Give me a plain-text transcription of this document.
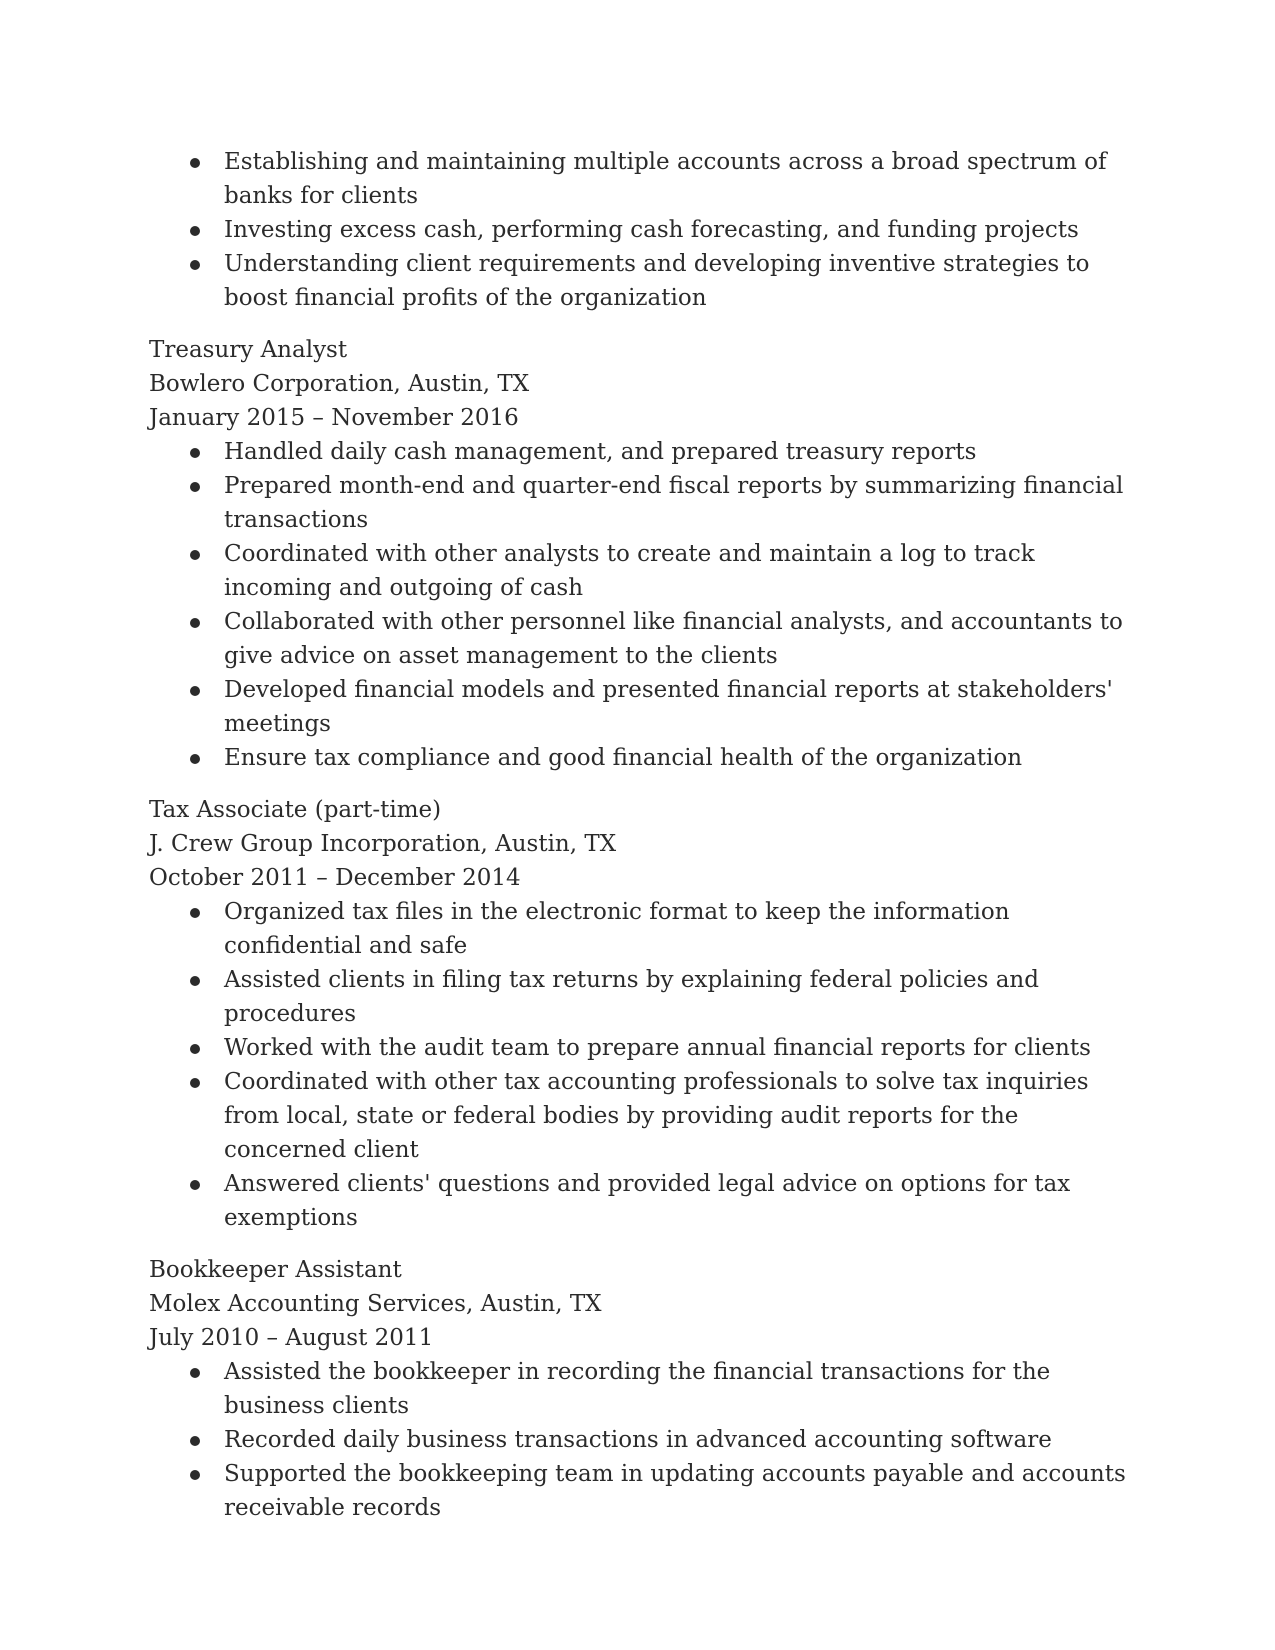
Establishing and maintaining multiple accounts across a broad spectrum of banks for clients
Investing excess cash, performing cash forecasting, and funding projects
Understanding client requirements and developing inventive strategies to boost financial profits of the organization

Treasury Analyst

Bowlero Corporation, Austin, TX

January 2015 – November 2016

Handled daily cash management, and prepared treasury reports
Prepared month-end and quarter-end fiscal reports by summarizing financial transactions
Coordinated with other analysts to create and maintain a log to track incoming and outgoing of cash
Collaborated with other personnel like financial analysts, and accountants to give advice on asset management to the clients
Developed financial models and presented financial reports at stakeholders' meetings
Ensure tax compliance and good financial health of the organization

Tax Associate (part-time)

J. Crew Group Incorporation, Austin, TX

October 2011 – December 2014

Organized tax files in the electronic format to keep the information confidential and safe
Assisted clients in filing tax returns by explaining federal policies and procedures
Worked with the audit team to prepare annual financial reports for clients
Coordinated with other tax accounting professionals to solve tax inquiries from local, state or federal bodies by providing audit reports for the concerned client
Answered clients' questions and provided legal advice on options for tax exemptions

Bookkeeper Assistant

Molex Accounting Services, Austin, TX

July 2010 – August 2011

Assisted the bookkeeper in recording the financial transactions for the business clients
Recorded daily business transactions in advanced accounting software
Supported the bookkeeping team in updating accounts payable and accounts receivable records
